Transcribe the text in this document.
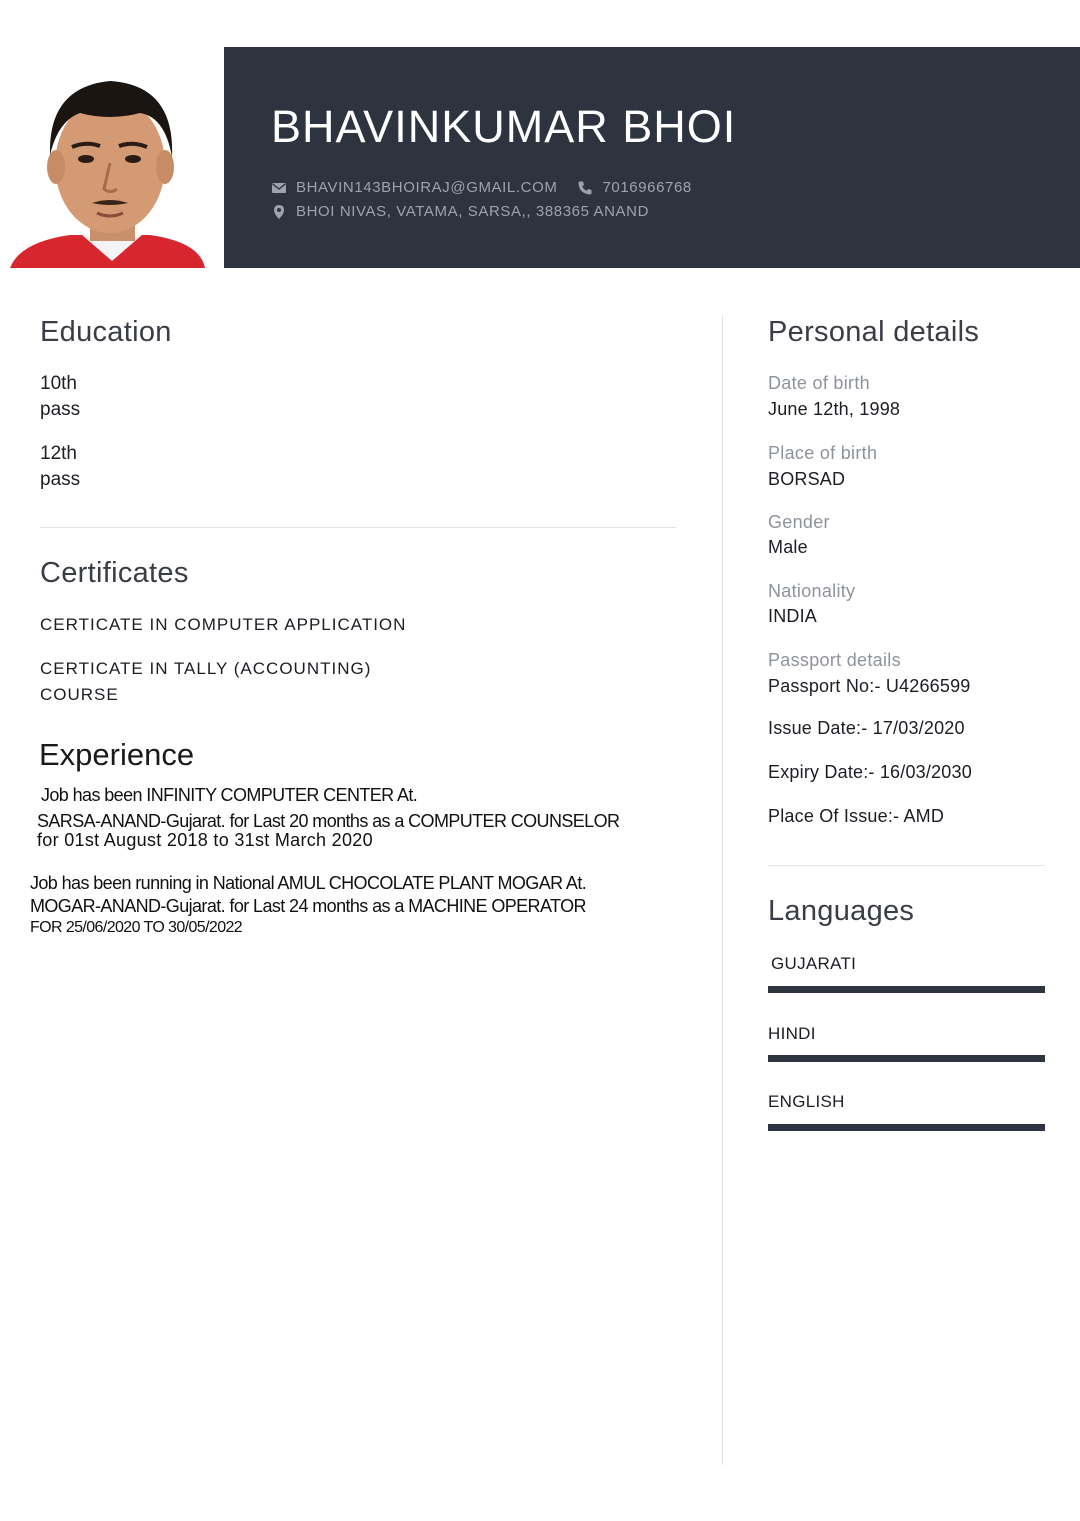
BHAVINKUMAR BHOI
BHAVIN143BHOIRAJ@GMAIL.COM	7016966768
BHOI NIVAS, VATAMA, SARSA,, 388365 ANAND
Education
10th
pass
12th
pass
Certificates
CERTICATE IN COMPUTER APPLICATION
CERTICATE IN TALLY (ACCOUNTING) COURSE
Experience
Job has been INFINITY COMPUTER CENTER At.
SARSA-ANAND-Gujarat. for Last 20 months as a COMPUTER COUNSELOR
for 01st August 2018 to 31st March 2020
Job has been running in National AMUL CHOCOLATE PLANT MOGAR At.
MOGAR-ANAND-Gujarat. for Last 24 months as a MACHINE OPERATOR
FOR 25/06/2020 TO 30/05/2022
Personal details
Date of birth
June 12th, 1998
Place of birth
BORSAD
Gender
Male
Nationality
INDIA
Passport details
Passport No:- U4266599
Issue Date:- 17/03/2020
Expiry Date:- 16/03/2030
Place Of Issue:- AMD
Languages
GUJARATI
HINDI
ENGLISH
